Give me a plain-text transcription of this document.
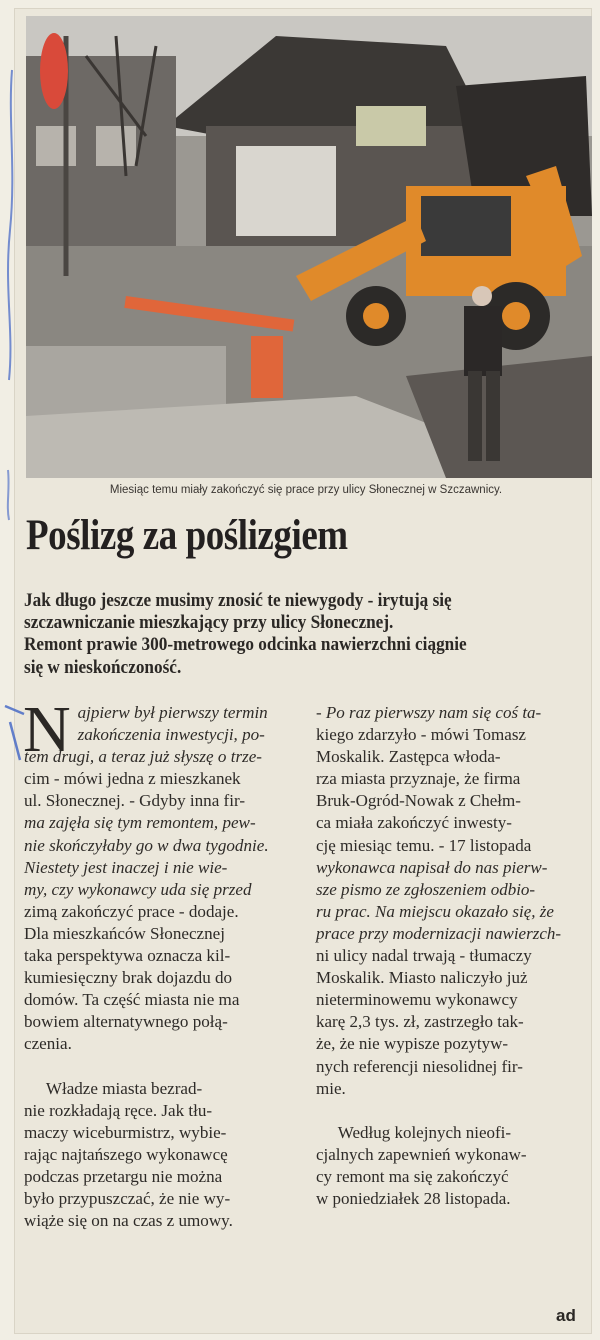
Miesiąc temu miały zakończyć się prace przy ulicy Słonecznej w Szczawnicy.
Poślizg za poślizgiem
Jak długo jeszcze musimy znosić te niewygody - irytują się
szczawniczanie mieszkający przy ulicy Słonecznej.
Remont prawie 300-metrowego odcinka nawierzchni ciągnie
się w nieskończoność.
N ajpierw był pierwszy termin
zakończenia inwestycji, po-
tem drugi, a teraz już słyszę o trze-
cim - mówi jedna z mieszkanek
ul. Słonecznej. - Gdyby inna fir-
ma zajęła się tym remontem, pew-
nie skończyłaby go w dwa tygodnie.
Niestety jest inaczej i nie wie-
my, czy wykonawcy uda się przed
zimą zakończyć prace - dodaje.
Dla mieszkańców Słonecznej
taka perspektywa oznacza kil-
kumiesięczny brak dojazdu do
domów. Ta część miasta nie ma
bowiem alternatywnego połą-
czenia.

Władze miasta bezrad-
nie rozkładają ręce. Jak tłu-
maczy wiceburmistrz, wybie-
rając najtańszego wykonawcę
podczas przetargu nie można
było przypuszczać, że nie wy-
wiąże się on na czas z umowy.
- Po raz pierwszy nam się coś ta-
kiego zdarzyło - mówi Tomasz
Moskalik. Zastępca włoda-
rza miasta przyznaje, że firma
Bruk-Ogród-Nowak z Chełm-
ca miała zakończyć inwesty-
cję miesiąc temu. - 17 listopada
wykonawca napisał do nas pierw-
sze pismo ze zgłoszeniem odbio-
ru prac. Na miejscu okazało się, że
prace przy modernizacji nawierzch-
ni ulicy nadal trwają - tłumaczy
Moskalik. Miasto naliczyło już
nieterminowemu wykonawcy
karę 2,3 tys. zł, zastrzegło tak-
że, że nie wypisze pozytyw-
nych referencji niesolidnej fir-
mie.

Według kolejnych nieofi-
cjalnych zapewnień wykonaw-
cy remont ma się zakończyć
w poniedziałek 28 listopada.
ad
